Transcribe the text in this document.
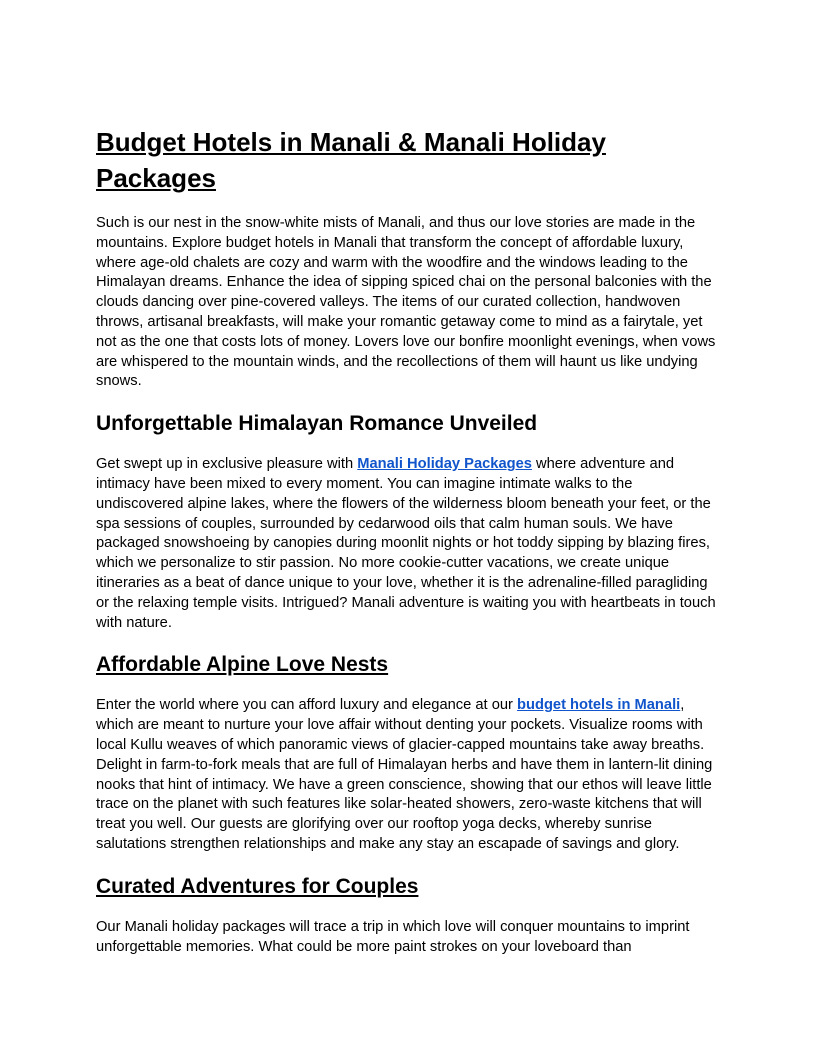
Budget Hotels in Manali & Manali Holiday Packages

Such is our nest in the snow-white mists of Manali, and thus our love stories are made in the mountains. Explore budget hotels in Manali that transform the concept of affordable luxury, where age-old chalets are cozy and warm with the woodfire and the windows leading to the Himalayan dreams. Enhance the idea of sipping spiced chai on the personal balconies with the clouds dancing over pine-covered valleys. The items of our curated collection, handwoven throws, artisanal breakfasts, will make your romantic getaway come to mind as a fairytale, yet not as the one that costs lots of money. Lovers love our bonfire moonlight evenings, when vows are whispered to the mountain winds, and the recollections of them will haunt us like undying snows.

Unforgettable Himalayan Romance Unveiled

Get swept up in exclusive pleasure with Manali Holiday Packages where adventure and intimacy have been mixed to every moment. You can imagine intimate walks to the undiscovered alpine lakes, where the flowers of the wilderness bloom beneath your feet, or the spa sessions of couples, surrounded by cedarwood oils that calm human souls. We have packaged snowshoeing by canopies during moonlit nights or hot toddy sipping by blazing fires, which we personalize to stir passion. No more cookie-cutter vacations, we create unique itineraries as a beat of dance unique to your love, whether it is the adrenaline-filled paragliding or the relaxing temple visits. Intrigued? Manali adventure is waiting you with heartbeats in touch with nature.

Affordable Alpine Love Nests

Enter the world where you can afford luxury and elegance at our budget hotels in Manali, which are meant to nurture your love affair without denting your pockets. Visualize rooms with local Kullu weaves of which panoramic views of glacier-capped mountains take away breaths. Delight in farm-to-fork meals that are full of Himalayan herbs and have them in lantern-lit dining nooks that hint of intimacy. We have a green conscience, showing that our ethos will leave little trace on the planet with such features like solar-heated showers, zero-waste kitchens that will treat you well. Our guests are glorifying over our rooftop yoga decks, whereby sunrise salutations strengthen relationships and make any stay an escapade of savings and glory.

Curated Adventures for Couples

Our Manali holiday packages will trace a trip in which love will conquer mountains to imprint unforgettable memories. What could be more paint strokes on your loveboard than
